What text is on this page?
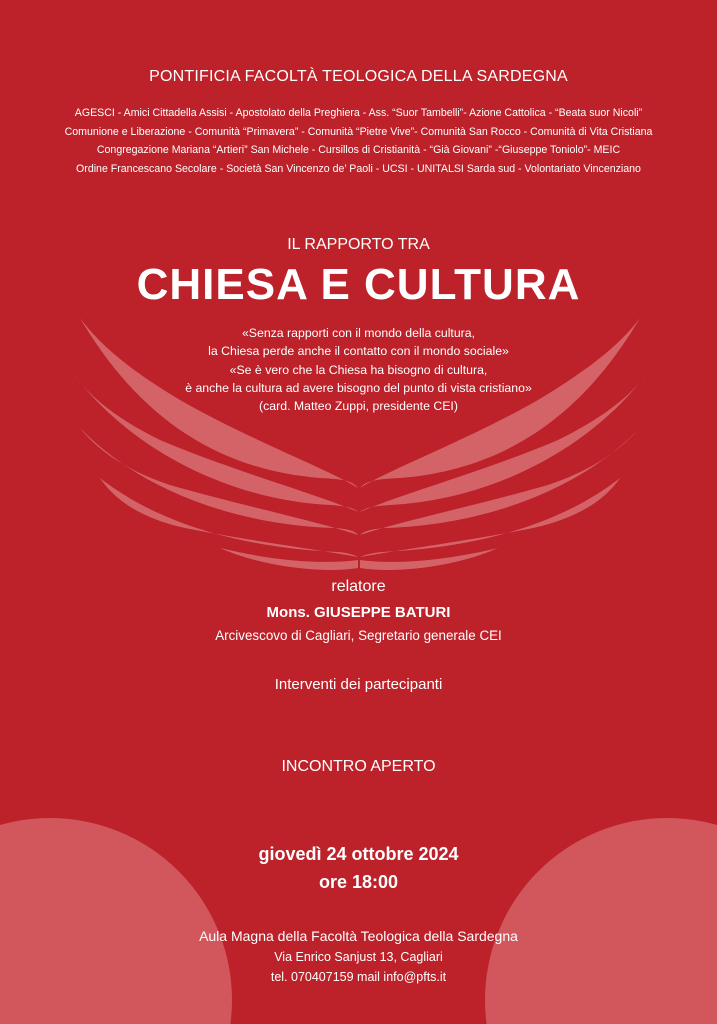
PONTIFICIA FACOLTÀ TEOLOGICA DELLA SARDEGNA
AGESCI - Amici Cittadella Assisi - Apostolato della Preghiera - Ass. “Suor Tambelli”- Azione Cattolica - “Beata suor Nicoli”
Comunione e Liberazione - Comunità “Primavera” - Comunità “Pietre Vive”- Comunità San Rocco - Comunità di Vita Cristiana
Congregazione Mariana “Artieri” San Michele - Cursillos di Cristianità - “Già Giovani” -“Giuseppe Toniolo”- MEIC
Ordine Francescano Secolare - Società San Vincenzo de’ Paoli - UCSI - UNITALSI Sarda sud - Volontariato Vincenziano
IL RAPPORTO TRA
CHIESA E CULTURA
«Senza rapporti con il mondo della cultura,
la Chiesa perde anche il contatto con il mondo sociale»
«Se è vero che la Chiesa ha bisogno di cultura,
è anche la cultura ad avere bisogno del punto di vista cristiano»
(card. Matteo Zuppi, presidente CEI)
relatore
Mons. GIUSEPPE BATURI
Arcivescovo di Cagliari, Segretario generale CEI
Interventi dei partecipanti
INCONTRO APERTO
giovedì 24 ottobre 2024
ore 18:00
Aula Magna della Facoltà Teologica della Sardegna
Via Enrico Sanjust 13, Cagliari
tel. 070407159 mail info@pfts.it
